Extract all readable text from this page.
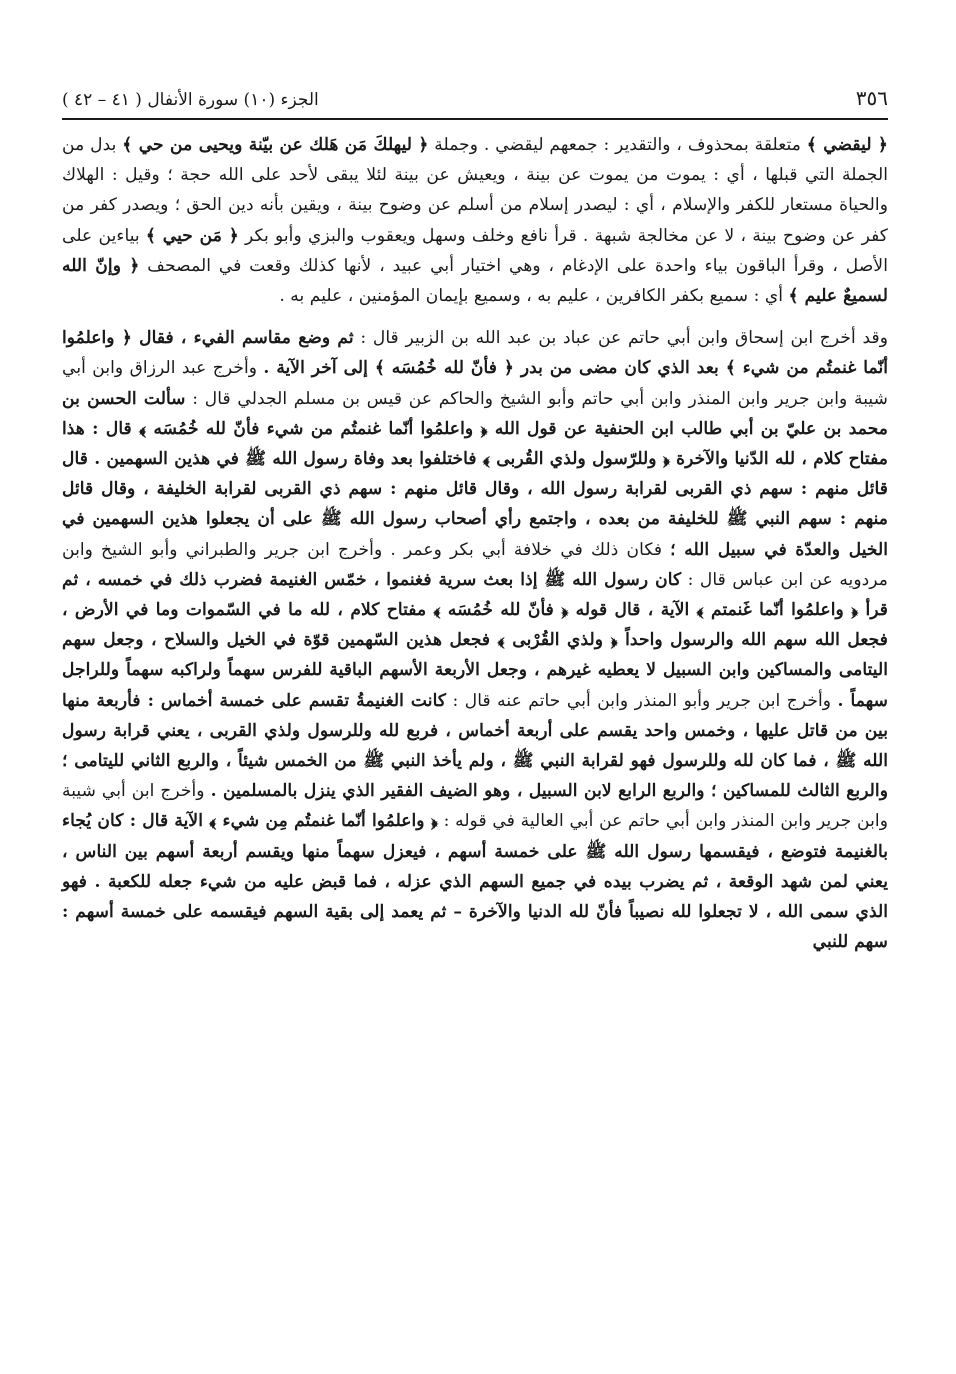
٣٥٦
الجزء (١٠) سورة الأنفال ( ٤١ – ٤٢ )

﴿ ليقضي ﴾ متعلقة بمحذوف ، والتقدير : جمعهم ليقضي . وجملة ﴿ ليهلكَ مَن هَلك عن بيّنة ويحيى من حي ﴾ بدل من الجملة التي قبلها ، أي : يموت من يموت عن بينة ، ويعيش عن بينة لئلا يبقى لأحد على الله حجة ؛ وقيل : الهلاك والحياة مستعار للكفر والإسلام ، أي : ليصدر إسلام من أسلم عن وضوح بينة ، ويقين بأنه دين الحق ؛ ويصدر كفر من كفر عن وضوح بينة ، لا عن مخالجة شبهة . قرأ نافع وخلف وسهل ويعقوب والبزي وأبو بكر ﴿ مَن حيي ﴾ بياءين على الأصل ، وقرأ الباقون بياء واحدة على الإدغام ، وهي اختيار أبي عبيد ، لأنها كذلك وقعت في المصحف ﴿ وإنّ الله لسميعٌ عليم ﴾ أي : سميع بكفر الكافرين ، عليم به ، وسميع بإيمان المؤمنين ، عليم به .

وقد أخرج ابن إسحاق وابن أبي حاتم عن عباد بن عبد الله بن الزبير قال : ثم وضع مقاسم الفيء ، فقال ﴿ واعلمُوا أنّما غنمتُم من شيء ﴾ بعد الذي كان مضى من بدر ﴿ فأنّ لله خُمُسَه ﴾ إلى آخر الآية . وأخرج عبد الرزاق وابن أبي شيبة وابن جرير وابن المنذر وابن أبي حاتم وأبو الشيخ والحاكم عن قيس بن مسلم الجدلي قال : سألت الحسن بن محمد بن عليّ بن أبي طالب ابن الحنفية عن قول الله ﴿ واعلمُوا أنّما غنمتُم من شيء فأنّ لله خُمُسَه ﴾ قال : هذا مفتاح كلام ، لله الدّنيا والآخرة ﴿ وللرّسول ولذي القُربى ﴾ فاختلفوا بعد وفاة رسول الله ﷺ في هذين السهمين . قال قائل منهم : سهم ذي القربى لقرابة رسول الله ، وقال قائل منهم : سهم ذي القربى لقرابة الخليفة ، وقال قائل منهم : سهم النبي ﷺ للخليفة من بعده ، واجتمع رأي أصحاب رسول الله ﷺ على أن يجعلوا هذين السهمين في الخيل والعدّة في سبيل الله ؛ فكان ذلك في خلافة أبي بكر وعمر . وأخرج ابن جرير والطبراني وأبو الشيخ وابن مردويه عن ابن عباس قال : كان رسول الله ﷺ إذا بعث سرية فغنموا ، خمّس الغنيمة فضرب ذلك في خمسه ، ثم قرأ ﴿ واعلمُوا أنّما غَنمتم ﴾ الآية ، قال قوله ﴿ فأنّ لله خُمُسَه ﴾ مفتاح كلام ، لله ما في السّموات وما في الأرض ، فجعل الله سهم الله والرسول واحداً ﴿ ولذي القُرْبى ﴾ فجعل هذين السّهمين قوّة في الخيل والسلاح ، وجعل سهم اليتامى والمساكين وابن السبيل لا يعطيه غيرهم ، وجعل الأربعة الأسهم الباقية للفرس سهماً ولراكبه سهماً وللراجل سهماً . وأخرج ابن جرير وأبو المنذر وابن أبي حاتم عنه قال : كانت الغنيمةُ تقسم على خمسة أخماس : فأربعة منها بين من قاتل عليها ، وخمس واحد يقسم على أربعة أخماس ، فربع لله وللرسول ولذي القربى ، يعني قرابة رسول الله ﷺ ، فما كان لله وللرسول فهو لقرابة النبي ﷺ ، ولم يأخذ النبي ﷺ من الخمس شيئاً ، والربع الثاني لليتامى ؛ والربع الثالث للمساكين ؛ والربع الرابع لابن السبيل ، وهو الضيف الفقير الذي ينزل بالمسلمين . وأخرج ابن أبي شيبة وابن جرير وابن المنذر وابن أبي حاتم عن أبي العالية في قوله : ﴿ واعلمُوا أنّما غنمتُم مِن شيء ﴾ الآية قال : كان يُجاء بالغنيمة فتوضع ، فيقسمها رسول الله ﷺ على خمسة أسهم ، فيعزل سهماً منها ويقسم أربعة أسهم بين الناس ، يعني لمن شهد الوقعة ، ثم يضرب بيده في جميع السهم الذي عزله ، فما قبض عليه من شيء جعله للكعبة . فهو الذي سمى الله ، لا تجعلوا لله نصيباً فأنّ لله الدنيا والآخرة – ثم يعمد إلى بقية السهم فيقسمه على خمسة أسهم : سهم للنبي
